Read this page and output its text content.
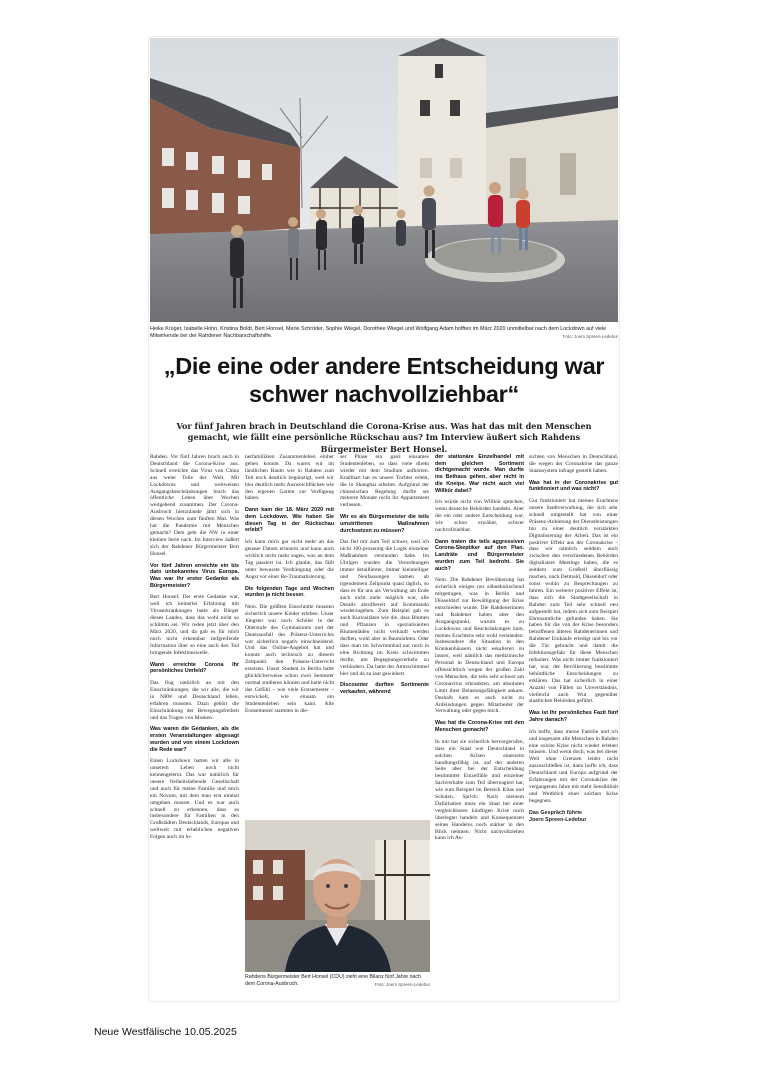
Heike Krüger, Isabelle Hohn, Kristina Boldt, Bert Honsel, Merle Schröder, Sophie Wiegel, Dorothee Wiegel und Wolfgang Adam hofften im März 2020 unmittelbar nach dem Lockdown auf viele Mitwirkende bei der Rahdener Nachbarschaftshilfe.	Foto: Joern Spreen-Ledebur
„Die eine oder andere Entscheidung war schwer nachvollziehbar“
Vor fünf Jahren brach in Deutschland die Corona-Krise aus. Was hat das mit den Menschen gemacht, wie fällt eine persönliche Rückschau aus? Im Interview äußert sich Rahdens Bürgermeister Bert Honsel.

Rahden. Vor fünf Jahren brach auch in Deutschland die Corona-Krise aus. Schnell erreichte das Virus von China aus weite Teile der Welt. Mit Lockdowns und weitweisen Ausgangsbeschränkungen brach das öffentliche Leben über Wochen weitgehend zusammen. Der Corona-Ausbruch hierzulande jährt sich in diesen Wochen zum fünften Mal. Was hat die Pandemie mit Menschen gemacht? Dem geht die NW in einer kleinen Serie nach. Im Interview äußert sich der Rahdener Bürgermeister Bert Honsel.

Vor fünf Jahren erreichte ein bis dato unbekanntes Virus Europa. Was war Ihr erster Gedanke als Bürgermeister?

Bert Honsel: Der erste Gedanke war, weil ich keinerlei Erfahrung mit Viruserkrankungen hatte als Bürger dieses Landes, dass das wohl nicht so schlimm sei. Wir reden jetzt über den März 2020, und da gab es für mich noch nicht erkennbar tiefgreifende Information über so eine auch den Tod bringende Infektionswelle.

Wann erreichte Corona Ihr persönliches Umfeld?

Das fing natürlich an mit den Einschränkungen, die wir alle, die wir in NRW und Deutschland leben, erfahren mussten. Dazu gehört die Einschränkung der Bewegungsfreiheit und das Tragen von Masken.

Was waren die Gedanken, als die ersten Veranstaltungen abgesagt wurden und von einem Lockdown die Rede war?

Einen Lockdown hatten wir alle in unserem Leben noch nicht kennengelernt. Das war natürlich für unsere freiheitsliebende Gesellschaft und auch für meine Familie und mich ein Novum, mit dem man erst einmal umgehen musste. Und es war auch schnell zu erkennen, dass es insbesondere für Familien in den Großstädten Deutschlands, Europas und weltweit mit erheblichen negativen Folgen auch im in-

nerfamiliären Zusammenleben einher gehen konnte. Da waren wir im ländlichen Raum wie in Rahden zum Teil noch deutlich begünstigt, weil wir hier deutlich mehr Ausweichflächen wie den eigenen Garten zur Verfügung haben.

Dann kam der 18. März 2020 mit dem Lockdown. Wie haben Sie diesen Tag in der Rückschau erlebt?

Ich kann mich gar nicht mehr an das genaue Datum erinnern und kann auch wirklich nicht mehr sagen, was an dem Tag passiert ist. Ich glaube, das fällt unter bewusste Verdrängung oder die Angst vor einer Re-Traumatisierung.

Die folgenden Tage und Wochen wurden ja nicht besser.

Nein. Die größten Einschnitte mussten sicherlich unsere Kinder erleben. Unser Jüngster war noch Schüler in der Oberstufe des Gymnasiums und der Dauerausfall des Präsenz-Unterrichts war sicherlich negativ einschneidend. Und das Online-Angebot hat und konnte auch technisch zu diesem Zeitpunkt den Präsenz-Unterricht ersetzen. Unser Student in Berlin hatte glücklicherweise schon zwei Semester normal studieren können und hatte nicht das Gefühl – wie viele Erstsemester – entwickelt, wie einsam ein Studentenleben sein kann. Alle Erstsemester starteten in die-

ser Phase ein ganz einsames Studentenleben, so dass viele direkt wieder mit dem Studium aufhörten. Knallhart hat es unsere Tochter erlebt, die in Shanghai arbeitet. Aufgrund der chinesischen Regelung durfte sie mehrere Monate nicht ihr Appartement verlassen.

Wir es als Bürgermeister die teils umstrittenen Maßnahmen durchsetzen zu müssen?

Das fiel mir zum Teil schwer, weil ich nicht 100-prozentig die Logik einzelner Maßnahmen verstanden habe. Im Übrigen wurden die Verordnungen immer detaillierter, immer kleinteiliger und Neufassungen kamen ab irgendeinem Zeitpunkt quasi täglich, so dass es für uns als Verwaltung am Ende auch nicht mehr möglich war, alle Details abrufbereit auf Kommando wiederzugeben. Zum Beispiel gab es auch Kuriositäten wie die, dass Blumen und Pflanzen in spezialisierten Blumenläden nicht verkauft werden durften, wohl aber in Baumärkten. Oder dass man im Schwimmbad nur noch in eine Richtung im Kreis schwimmen durfte, um Begegnungsverkehr zu verhindern. Da hatte der Amtsschimmel hier und da zu laut gewiehert.

Discounter durften Sortimente verkaufen, während

der stationäre Einzelhandel mit dem gleichen Sortiment dichtgemacht wurde. Man durfte ins Bethaus gehen, aber nicht in die Kneipe. War nicht auch viel Willkür dabei?

Ich würde nicht von Willkür sprechen, wenn deutsche Behörden handeln. Aber die ein oder andere Entscheidung war, wie schon erwähnt, schwer nachvollziehbar.

Dann traten die teils aggressiven Corona-Skeptiker auf den Plan. Landräte und Bürgermeister wurden zum Teil bedroht. Sie auch?

Nein. Die Rahdener Bevölkerung hat sicherlich einiges nur zähneknirschend mitgetragen, was in Berlin und Düsseldorf zur Bewältigung der Krise entschieden wurde. Die Rahdenerinnen und Rahdener haben aber den Ausgangspunkt, warum es zu Lockdowns und Beschränkungen kam, meines Erachtens sehr wohl verstanden. Insbesondere die Situation in den Krankenhäusern nicht eskalieren zu lassen, weil nämlich das medizinische Personal in Deutschland und Europa offensichtlich wegen der großen Zahl von Menschen, die teils sehr schwer am Coronavirus erkrankten, am absoluten Limit ihrer Belastungsfähigkeit ankam. Deshalb kam es auch nicht zu Anfeindungen gegen Mitarbeiter der Verwaltung oder gegen mich.

Was hat die Corona-Krise mit den Menschen gemacht?

In mir hat sie sicherlich hervorgerufen, dass ein Staat wie Deutschland in solchen Krisen einerseits handlungsfähig ist, auf der anderen Seite aber bei der Entscheidung bestimmter Einzelfälle und einzelner Sachverhalte zum Teil überreagiert hat, wie zum Beispiel im Bereich Kitas und Schulen. Sprich: Nach meinem Dafürhalten muss ein Staat bei einer vergleichbaren künftigen Krise noch überlegter handeln und Konsequenzen seines Handelns noch stärker in den Blick nehmen. Nicht nachvollziehen kann ich An-

sichten von Menschen in Deutschland, die wegen der Coronakrise das ganze Staatssystem infrage gestellt haben.

Was hat in der Coronakrise gut funktioniert und was nicht?

Gut funktioniert hat meines Erachtens unsere Stadtverwaltung, die sich sehr schnell umgestellt hat von einer Präsenz-Anbietung der Dienstleistungen hin zu einer deutlich verstärkten Digitalisierung der Arbeit. Das ist ein positiver Effekt aus der Coronakrise – dass wir nämlich seitdem auch zwischen den verschiedenen Behörden digitalisiere Meetings haben, die es seitdem zum Großteil überflüssig machen, nach Detmold, Düsseldorf oder sonst wohin zu Besprechungen zu fahren. Ein weiterer positiver Effekt ist, dass sich die Stadtgesellschaft in Rahden zum Teil sehr schnell neu aufgestellt hat, indem sich zum Beispiel Ehrenamtliche gefunden haben. Sie haben für die von der Krise besonders betroffenen älteren Rahdenerinnen und Rahdener Einkäufe erledigt und bis vor die Tür gebracht und damit die Infektionsgefahr für diese Menschen reduziert. Was nicht immer funktioniert hat, war, der Bevölkerung bestimmte behördliche Entscheidungen zu erklären. Das hat sicherlich in einer Anzahl von Fällen zu Unverständnis, vielleicht auch Wut gegenüber staatlichen Behörden geführt.

Was ist Ihr persönliches Fazit fünf Jahre danach?

Ich hoffe, dass meine Familie und ich und insgesamt alle Menschen in Rahden eine solche Krise nicht wieder erleben müssen. Und wenn doch, was bei dieser Welt ohne Grenzen leider nicht auszuschließen ist, dann hoffe ich, dass Deutschland und Europa aufgrund der Erfahrungen mit der Coronakrise der vergangenen Jahre mit mehr Sensibilität und Weitblick einer solchen Krise begegnen.

Das Gespräch führte

Joern Spreen-Ledebur

Rahdens Bürgermeister Bert Honsel (CDU) zieht eine Bilanz fünf Jahre nach dem Corona-Ausbruch.	Foto: Joern Spreen-Ledebur
Neue Westfälische 10.05.2025
